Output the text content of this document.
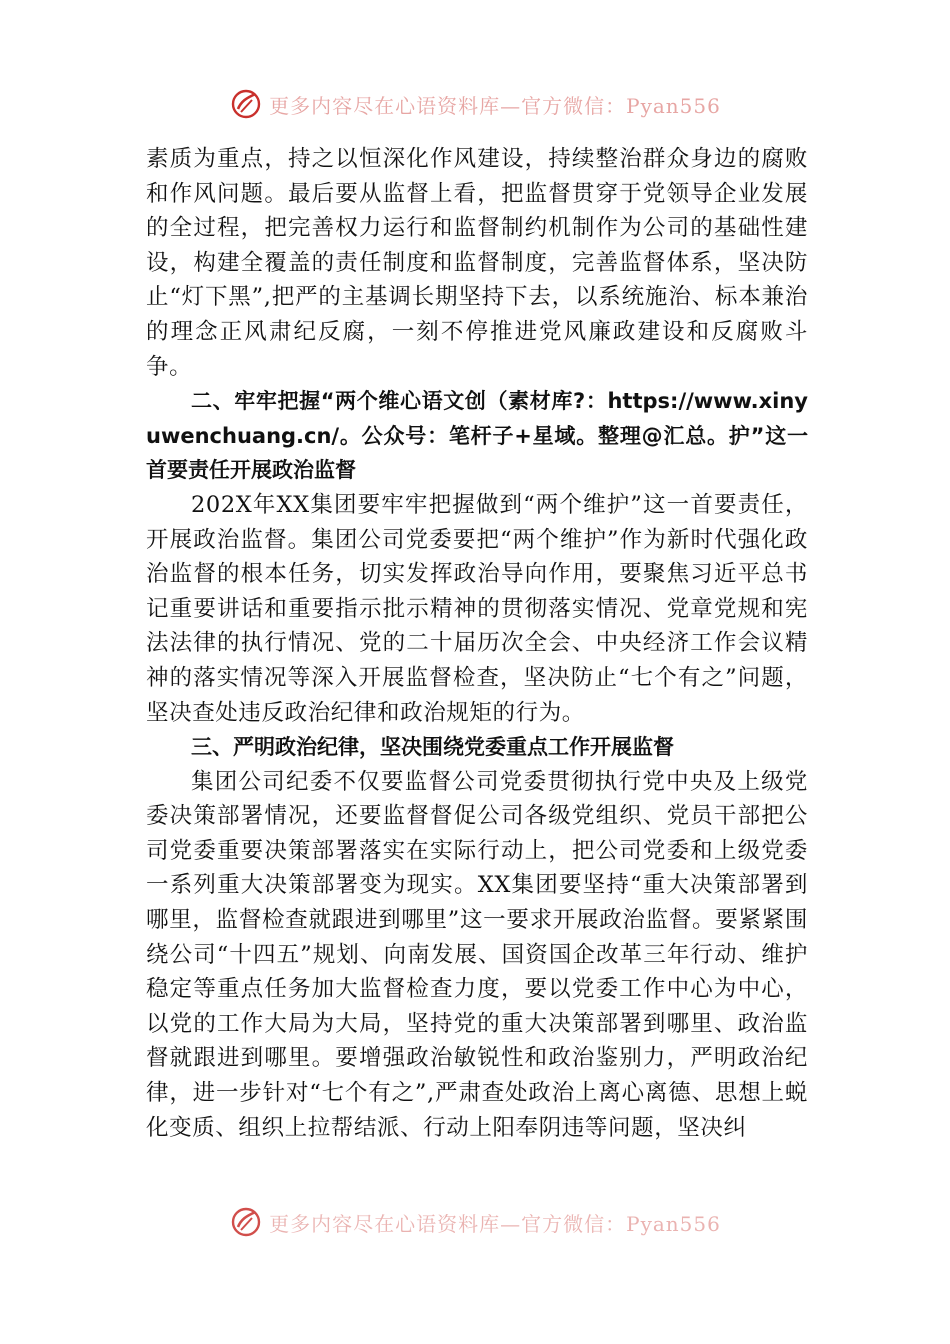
更多内容尽在心语资料库—官方微信：Pyan556

素质为重点，持之以恒深化作风建设，持续整治群众身边的腐败和作风问题。最后要从监督上看，把监督贯穿于党领导企业发展的全过程，把完善权力运行和监督制约机制作为公司的基础性建设，构建全覆盖的责任制度和监督制度，完善监督体系，坚决防止“灯下黑”,把严的主基调长期坚持下去，以系统施治、标本兼治的理念正风肃纪反腐，一刻不停推进党风廉政建设和反腐败斗争。

二、牢牢把握“两个维心语文创（素材库?：https://www.xinyuwenchuang.cn/。公众号：笔杆子+星域。整理@汇总。护”这一首要责任开展政治监督

202X年XX集团要牢牢把握做到“两个维护”这一首要责任，开展政治监督。集团公司党委要把“两个维护”作为新时代强化政治监督的根本任务，切实发挥政治导向作用，要聚焦习近平总书记重要讲话和重要指示批示精神的贯彻落实情况、党章党规和宪法法律的执行情况、党的二十届历次全会、中央经济工作会议精神的落实情况等深入开展监督检查，坚决防止“七个有之”问题，坚决查处违反政治纪律和政治规矩的行为。

三、严明政治纪律，坚决围绕党委重点工作开展监督

集团公司纪委不仅要监督公司党委贯彻执行党中央及上级党委决策部署情况，还要监督督促公司各级党组织、党员干部把公司党委重要决策部署落实在实际行动上，把公司党委和上级党委一系列重大决策部署变为现实。XX集团要坚持“重大决策部署到哪里，监督检查就跟进到哪里”这一要求开展政治监督。要紧紧围绕公司“十四五”规划、向南发展、国资国企改革三年行动、维护稳定等重点任务加大监督检查力度，要以党委工作中心为中心，以党的工作大局为大局，坚持党的重大决策部署到哪里、政治监督就跟进到哪里。要增强政治敏锐性和政治鉴别力，严明政治纪律，进一步针对“七个有之”,严肃查处政治上离心离德、思想上蜕化变质、组织上拉帮结派、行动上阳奉阴违等问题，坚决纠

更多内容尽在心语资料库—官方微信：Pyan556
